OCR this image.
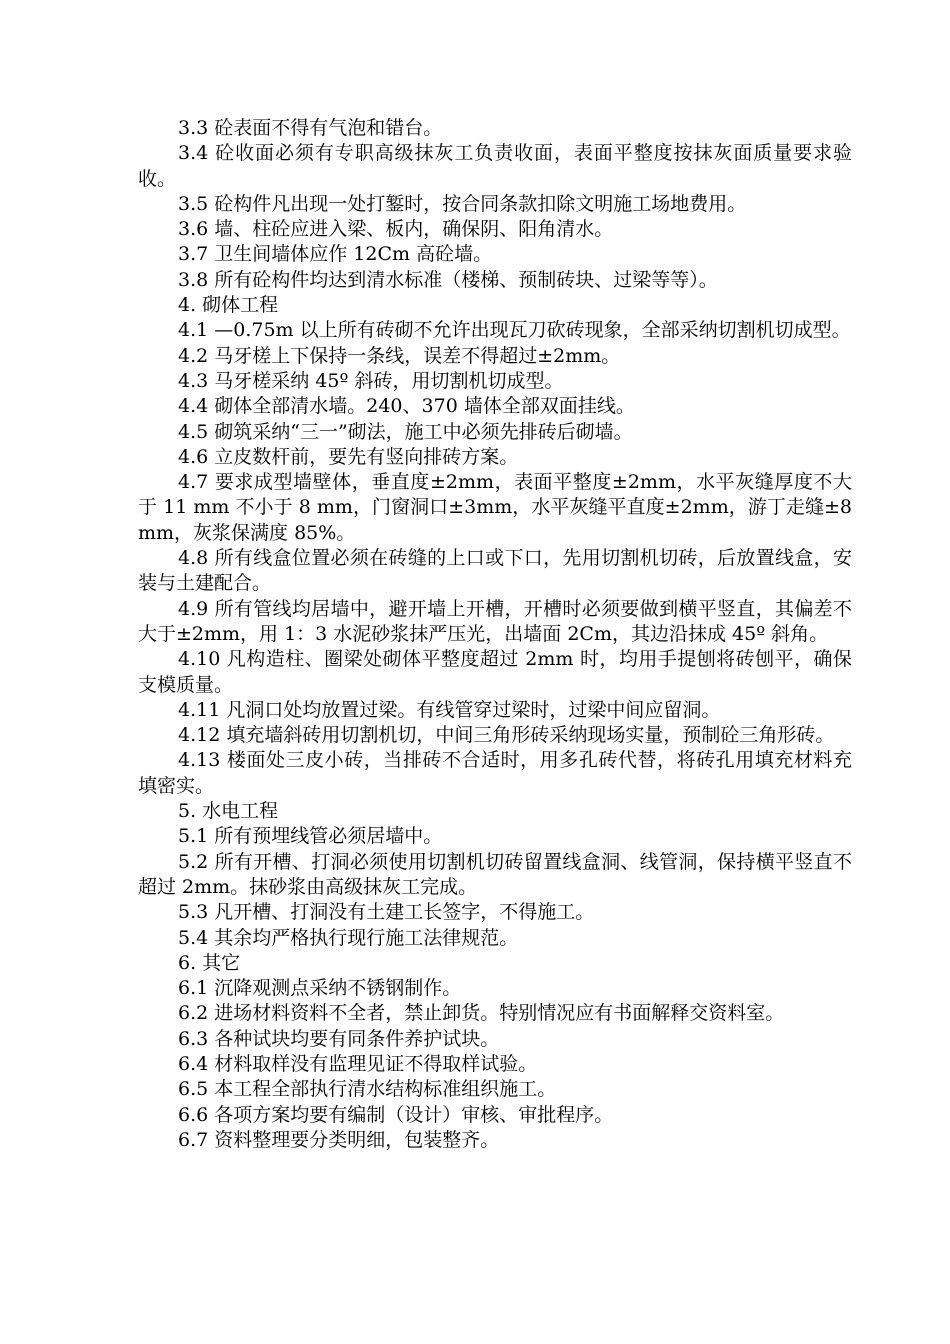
3.3 砼表面不得有气泡和错台。

3.4 砼收面必须有专职高级抹灰工负责收面，表面平整度按抹灰面质量要求验收。

3.5 砼构件凡出现一处打錾时，按合同条款扣除文明施工场地费用。

3.6 墙、柱砼应进入梁、板内，确保阴、阳角清水。

3.7 卫生间墙体应作 12Cm 高砼墙。

3.8 所有砼构件均达到清水标准（楼梯、预制砖块、过梁等等）。

4. 砌体工程

4.1 —0.75m 以上所有砖砌不允许出现瓦刀砍砖现象，全部采纳切割机切成型。

4.2 马牙槎上下保持一条线，误差不得超过±2mm。

4.3 马牙槎采纳 45º 斜砖，用切割机切成型。

4.4 砌体全部清水墙。240、370 墙体全部双面挂线。

4.5 砌筑采纳“三一”砌法，施工中必须先排砖后砌墙。

4.6 立皮数杆前，要先有竖向排砖方案。

4.7 要求成型墙壁体，垂直度±2mm，表面平整度±2mm，水平灰缝厚度不大于 11 mm 不小于 8 mm，门窗洞口±3mm，水平灰缝平直度±2mm，游丁走缝±8mm，灰浆保满度 85%。

4.8 所有线盒位置必须在砖缝的上口或下口，先用切割机切砖，后放置线盒，安装与土建配合。

4.9 所有管线均居墙中，避开墙上开槽，开槽时必须要做到横平竖直，其偏差不大于±2mm，用 1：3 水泥砂浆抹严压光，出墙面 2Cm，其边沿抹成 45º 斜角。

4.10 凡构造柱、圈梁处砌体平整度超过 2mm 时，均用手提刨将砖刨平，确保支模质量。

4.11 凡洞口处均放置过梁。有线管穿过梁时，过梁中间应留洞。

4.12 填充墙斜砖用切割机切，中间三角形砖采纳现场实量，预制砼三角形砖。

4.13 楼面处三皮小砖，当排砖不合适时，用多孔砖代替，将砖孔用填充材料充填密实。

5. 水电工程

5.1 所有预埋线管必须居墙中。

5.2 所有开槽、打洞必须使用切割机切砖留置线盒洞、线管洞，保持横平竖直不超过 2mm。抹砂浆由高级抹灰工完成。

5.3 凡开槽、打洞没有土建工长签字，不得施工。

5.4 其余均严格执行现行施工法律规范。

6. 其它

6.1 沉降观测点采纳不锈钢制作。

6.2 进场材料资料不全者，禁止卸货。特别情况应有书面解释交资料室。

6.3 各种试块均要有同条件养护试块。

6.4 材料取样没有监理见证不得取样试验。

6.5 本工程全部执行清水结构标准组织施工。

6.6 各项方案均要有编制（设计）审核、审批程序。

6.7 资料整理要分类明细，包装整齐。
